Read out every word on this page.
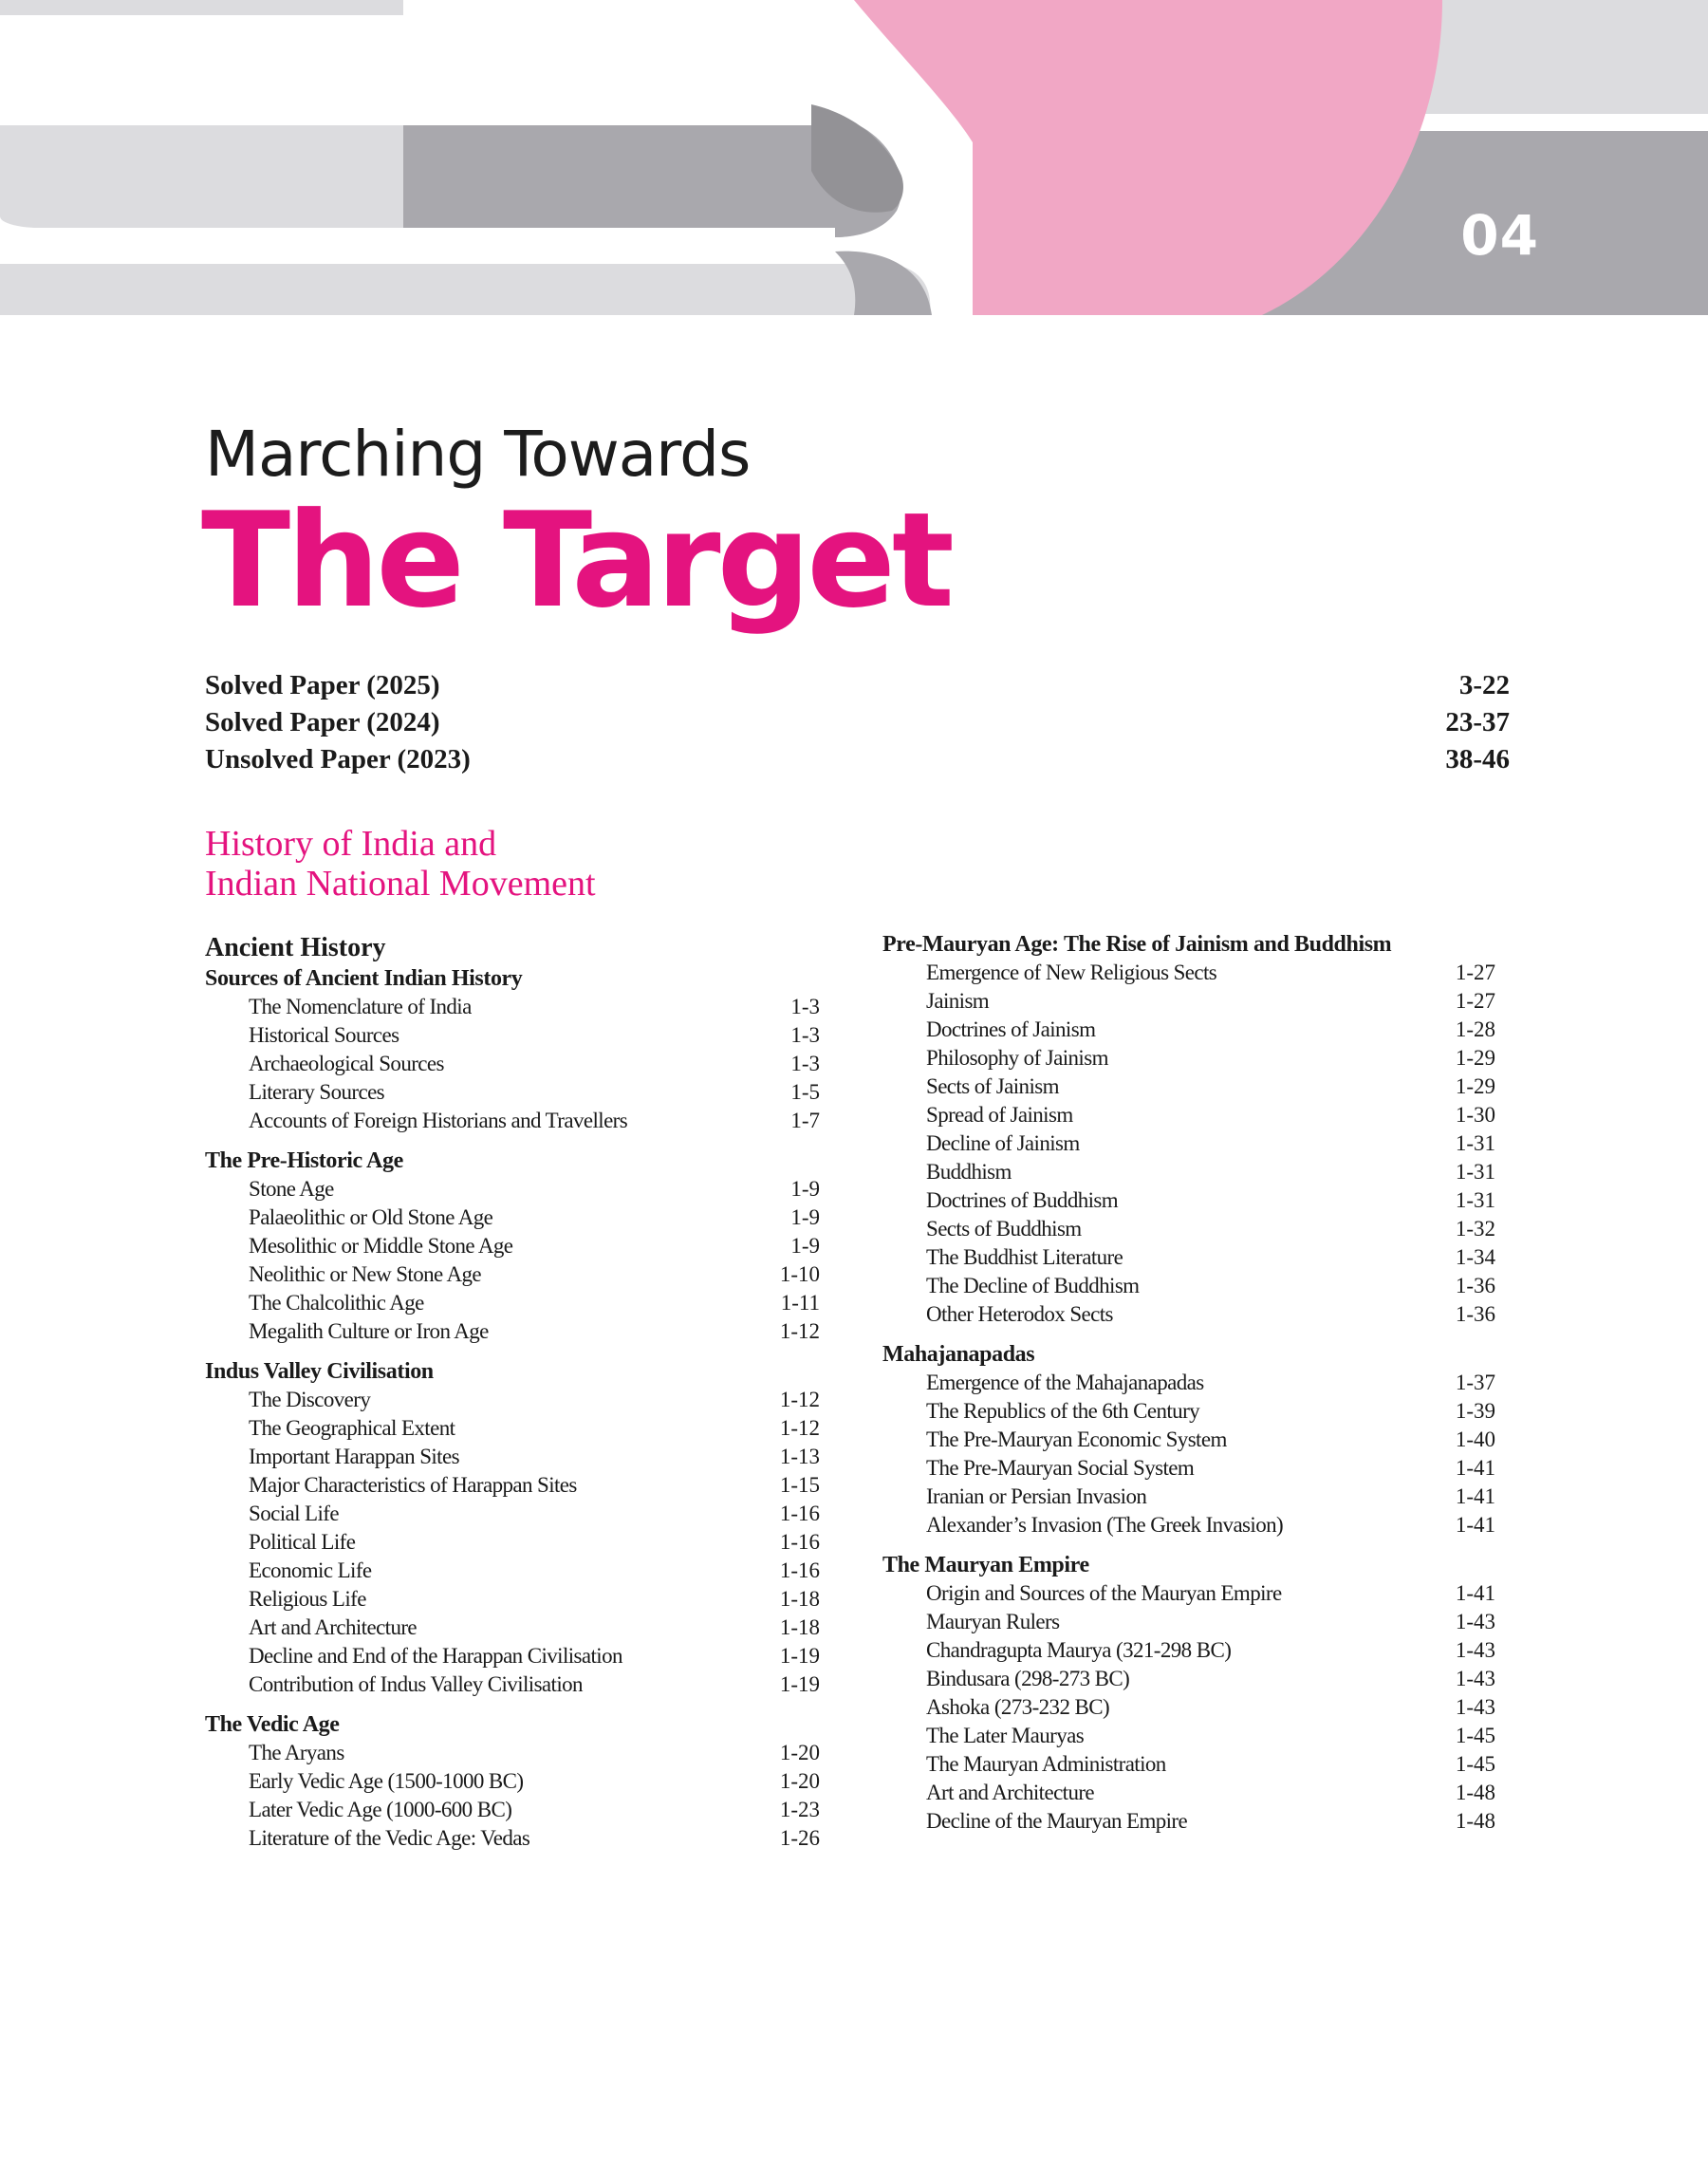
04
Marching Towards
The Target
Solved Paper (2025)	3-22
Solved Paper (2024)	23-37
Unsolved Paper (2023)	38-46
History of India and
Indian National Movement
Ancient History
Sources of Ancient Indian History
The Nomenclature of India	1-3
Historical Sources	1-3
Archaeological Sources	1-3
Literary Sources	1-5
Accounts of Foreign Historians and Travellers	1-7
The Pre-Historic Age
Stone Age	1-9
Palaeolithic or Old Stone Age	1-9
Mesolithic or Middle Stone Age	1-9
Neolithic or New Stone Age	1-10
The Chalcolithic Age	1-11
Megalith Culture or Iron Age	1-12
Indus Valley Civilisation
The Discovery	1-12
The Geographical Extent	1-12
Important Harappan Sites	1-13
Major Characteristics of Harappan Sites	1-15
Social Life	1-16
Political Life	1-16
Economic Life	1-16
Religious Life	1-18
Art and Architecture	1-18
Decline and End of the Harappan Civilisation	1-19
Contribution of Indus Valley Civilisation	1-19
The Vedic Age
The Aryans	1-20
Early Vedic Age (1500-1000 BC)	1-20
Later Vedic Age (1000-600 BC)	1-23
Literature of the Vedic Age: Vedas	1-26
Pre-Mauryan Age: The Rise of Jainism and Buddhism
Emergence of New Religious Sects	1-27
Jainism	1-27
Doctrines of Jainism	1-28
Philosophy of Jainism	1-29
Sects of Jainism	1-29
Spread of Jainism	1-30
Decline of Jainism	1-31
Buddhism	1-31
Doctrines of Buddhism	1-31
Sects of Buddhism	1-32
The Buddhist Literature	1-34
The Decline of Buddhism	1-36
Other Heterodox Sects	1-36
Mahajanapadas
Emergence of the Mahajanapadas	1-37
The Republics of the 6th Century	1-39
The Pre-Mauryan Economic System	1-40
The Pre-Mauryan Social System	1-41
Iranian or Persian Invasion	1-41
Alexander’s Invasion (The Greek Invasion)	1-41
The Mauryan Empire
Origin and Sources of the Mauryan Empire	1-41
Mauryan Rulers	1-43
Chandragupta Maurya (321-298 BC)	1-43
Bindusara (298-273 BC)	1-43
Ashoka (273-232 BC)	1-43
The Later Mauryas	1-45
The Mauryan Administration	1-45
Art and Architecture	1-48
Decline of the Mauryan Empire	1-48
